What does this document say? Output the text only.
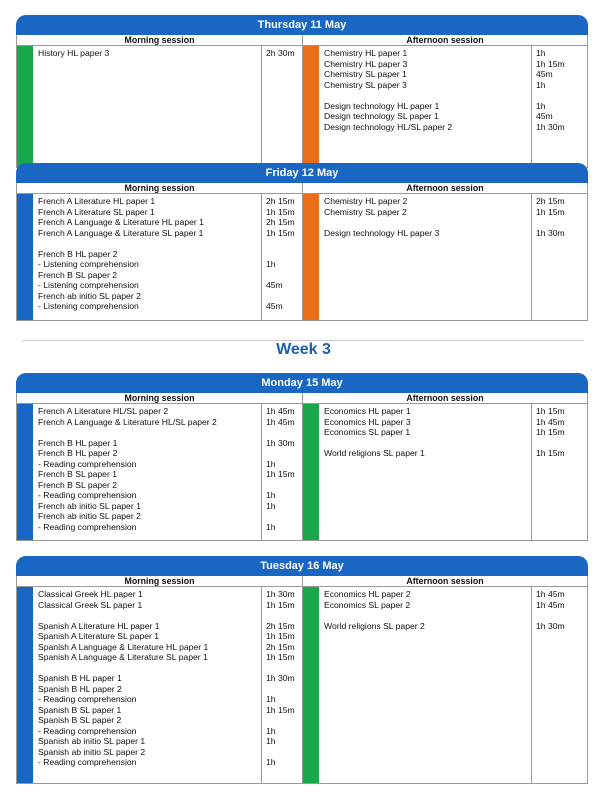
Thursday 11 May
Morning session
History HL paper 3	2h 30m
Afternoon session
Chemistry HL paper 1	1h
Chemistry HL paper 3	1h 15m
Chemistry SL paper 1	45m
Chemistry SL paper 3	1h
Design technology HL paper 1	1h
Design technology SL paper 1	45m
Design technology HL/SL paper 2	1h 30m
Friday 12 May
Morning session
French A Literature HL paper 1	2h 15m
French A Literature SL paper 1	1h 15m
French A Language & Literature HL paper 1	2h 15m
French A Language & Literature SL paper 1	1h 15m
French B HL paper 2
- Listening comprehension	1h
French B SL paper 2
- Listening comprehension	45m
French ab initio SL paper 2
- Listening comprehension	45m
Afternoon session
Chemistry HL paper 2	2h 15m
Chemistry SL paper 2	1h 15m
Design technology HL paper 3	1h 30m
Week 3
Monday 15 May
Morning session
French A Literature HL/SL paper 2	1h 45m
French A Language & Literature HL/SL paper 2	1h 45m
French B HL paper 1	1h 30m
French B HL paper 2
- Reading comprehension	1h
French B SL paper 1	1h 15m
French B SL paper 2
- Reading comprehension	1h
French ab initio SL paper 1	1h
French ab initio SL paper 2
- Reading comprehension	1h
Afternoon session
Economics HL paper 1	1h 15m
Economics HL paper 3	1h 45m
Economics SL paper 1	1h 15m
World religions SL paper 1	1h 15m
Tuesday 16 May
Morning session
Classical Greek HL paper 1	1h 30m
Classical Greek SL paper 1	1h 15m
Spanish A Literature HL paper 1	2h 15m
Spanish A Literature SL paper 1	1h 15m
Spanish A Language & Literature HL paper 1	2h 15m
Spanish A Language & Literature SL paper 1	1h 15m
Spanish B HL paper 1	1h 30m
Spanish B HL paper 2
- Reading comprehension	1h
Spanish B SL paper 1	1h 15m
Spanish B SL paper 2
- Reading comprehension	1h
Spanish ab initio SL paper 1	1h
Spanish ab initio SL paper 2
- Reading comprehension	1h
Afternoon session
Economics HL paper 2	1h 45m
Economics SL paper 2	1h 45m
World religions SL paper 2	1h 30m
